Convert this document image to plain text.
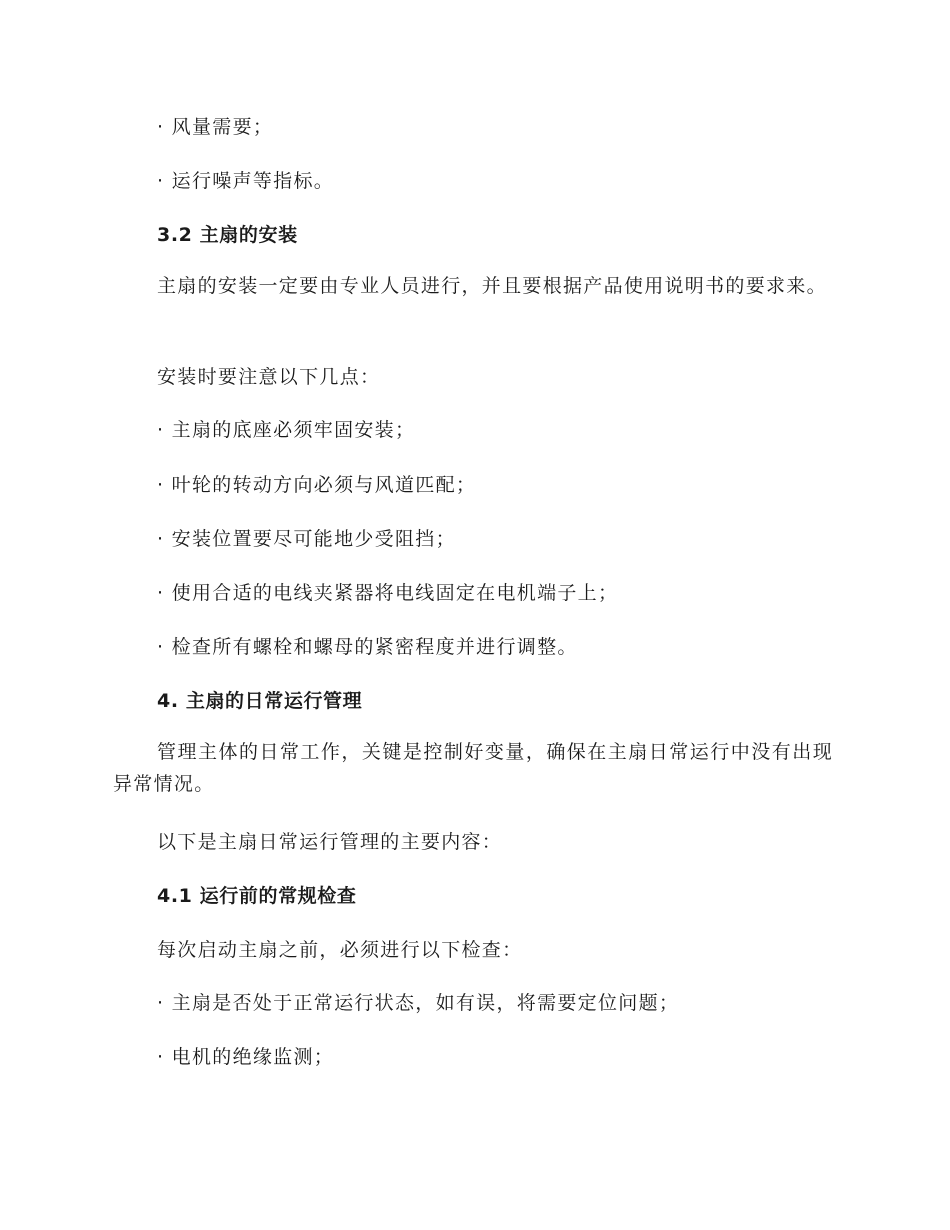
· 风量需要；
· 运行噪声等指标。
3.2 主扇的安装
主扇的安装一定要由专业人员进行，并且要根据产品使用说明书的要求来。
安装时要注意以下几点：
· 主扇的底座必须牢固安装；
· 叶轮的转动方向必须与风道匹配；
· 安装位置要尽可能地少受阻挡；
· 使用合适的电线夹紧器将电线固定在电机端子上；
· 检查所有螺栓和螺母的紧密程度并进行调整。
4. 主扇的日常运行管理
管理主体的日常工作，关键是控制好变量，确保在主扇日常运行中没有出现异常情况。
以下是主扇日常运行管理的主要内容：
4.1 运行前的常规检查
每次启动主扇之前，必须进行以下检查：
· 主扇是否处于正常运行状态，如有误，将需要定位问题；
· 电机的绝缘监测；
